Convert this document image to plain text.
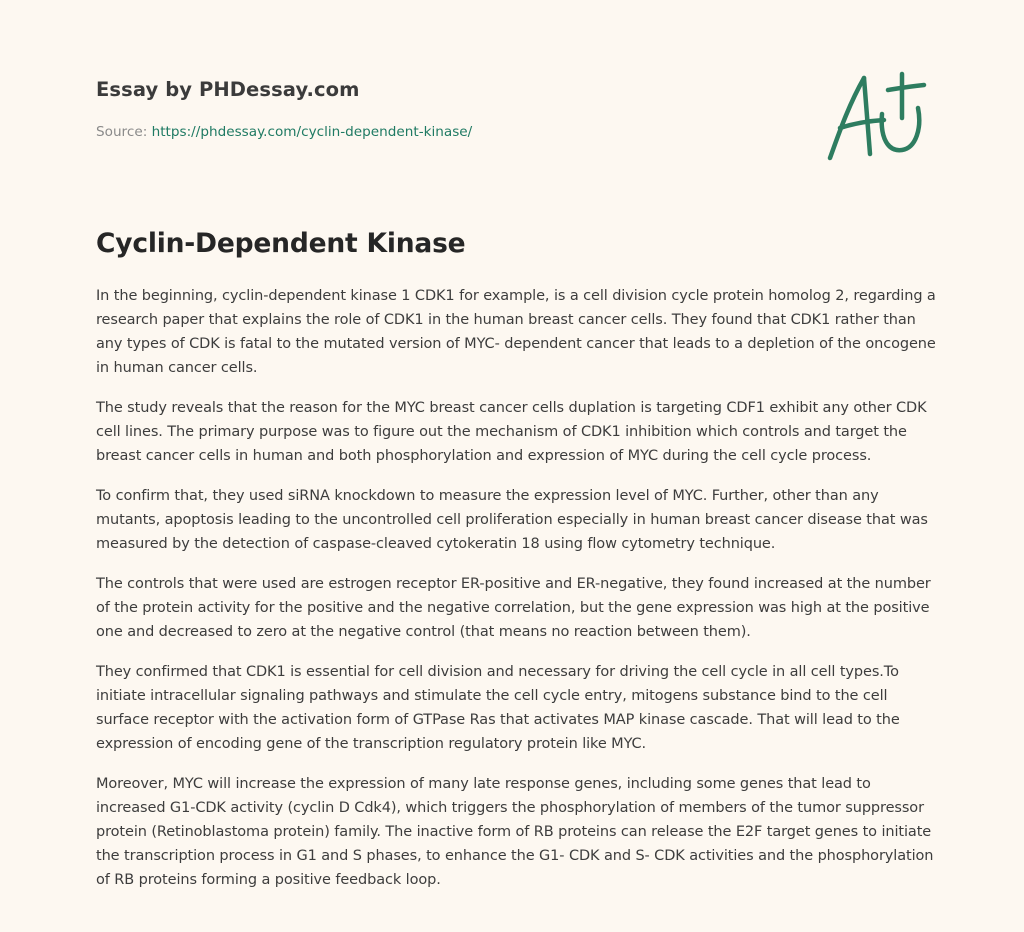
Essay by PHDessay.com
Source: https://phdessay.com/cyclin-dependent-kinase/
Cyclin-Dependent Kinase

In the beginning, cyclin-dependent kinase 1 CDK1 for example, is a cell division cycle protein homolog 2, regarding a research paper that explains the role of CDK1 in the human breast cancer cells. They found that CDK1 rather than any types of CDK is fatal to the mutated version of MYC- dependent cancer that leads to a depletion of the oncogene in human cancer cells.

The study reveals that the reason for the MYC breast cancer cells duplation is targeting CDF1 exhibit any other CDK cell lines. The primary purpose was to figure out the mechanism of CDK1 inhibition which controls and target the breast cancer cells in human and both phosphorylation and expression of MYC during the cell cycle process.

To confirm that, they used siRNA knockdown to measure the expression level of MYC. Further, other than any mutants, apoptosis leading to the uncontrolled cell proliferation especially in human breast cancer disease that was measured by the detection of caspase-cleaved cytokeratin 18 using flow cytometry technique.

The controls that were used are estrogen receptor ER-positive and ER-negative, they found increased at the number of the protein activity for the positive and the negative correlation, but the gene expression was high at the positive one and decreased to zero at the negative control (that means no reaction between them).

They confirmed that CDK1 is essential for cell division and necessary for driving the cell cycle in all cell types.To initiate intracellular signaling pathways and stimulate the cell cycle entry, mitogens substance bind to the cell surface receptor with the activation form of GTPase Ras that activates MAP kinase cascade. That will lead to the expression of encoding gene of the transcription regulatory protein like MYC.

Moreover, MYC will increase the expression of many late response genes, including some genes that lead to increased G1-CDK activity (cyclin D Cdk4), which triggers the phosphorylation of members of the tumor suppressor protein (Retinoblastoma protein) family. The inactive form of RB proteins can release the E2F target genes to initiate the transcription process in G1 and S phases, to enhance the G1- CDK and S- CDK activities and the phosphorylation of RB proteins forming a positive feedback loop.
